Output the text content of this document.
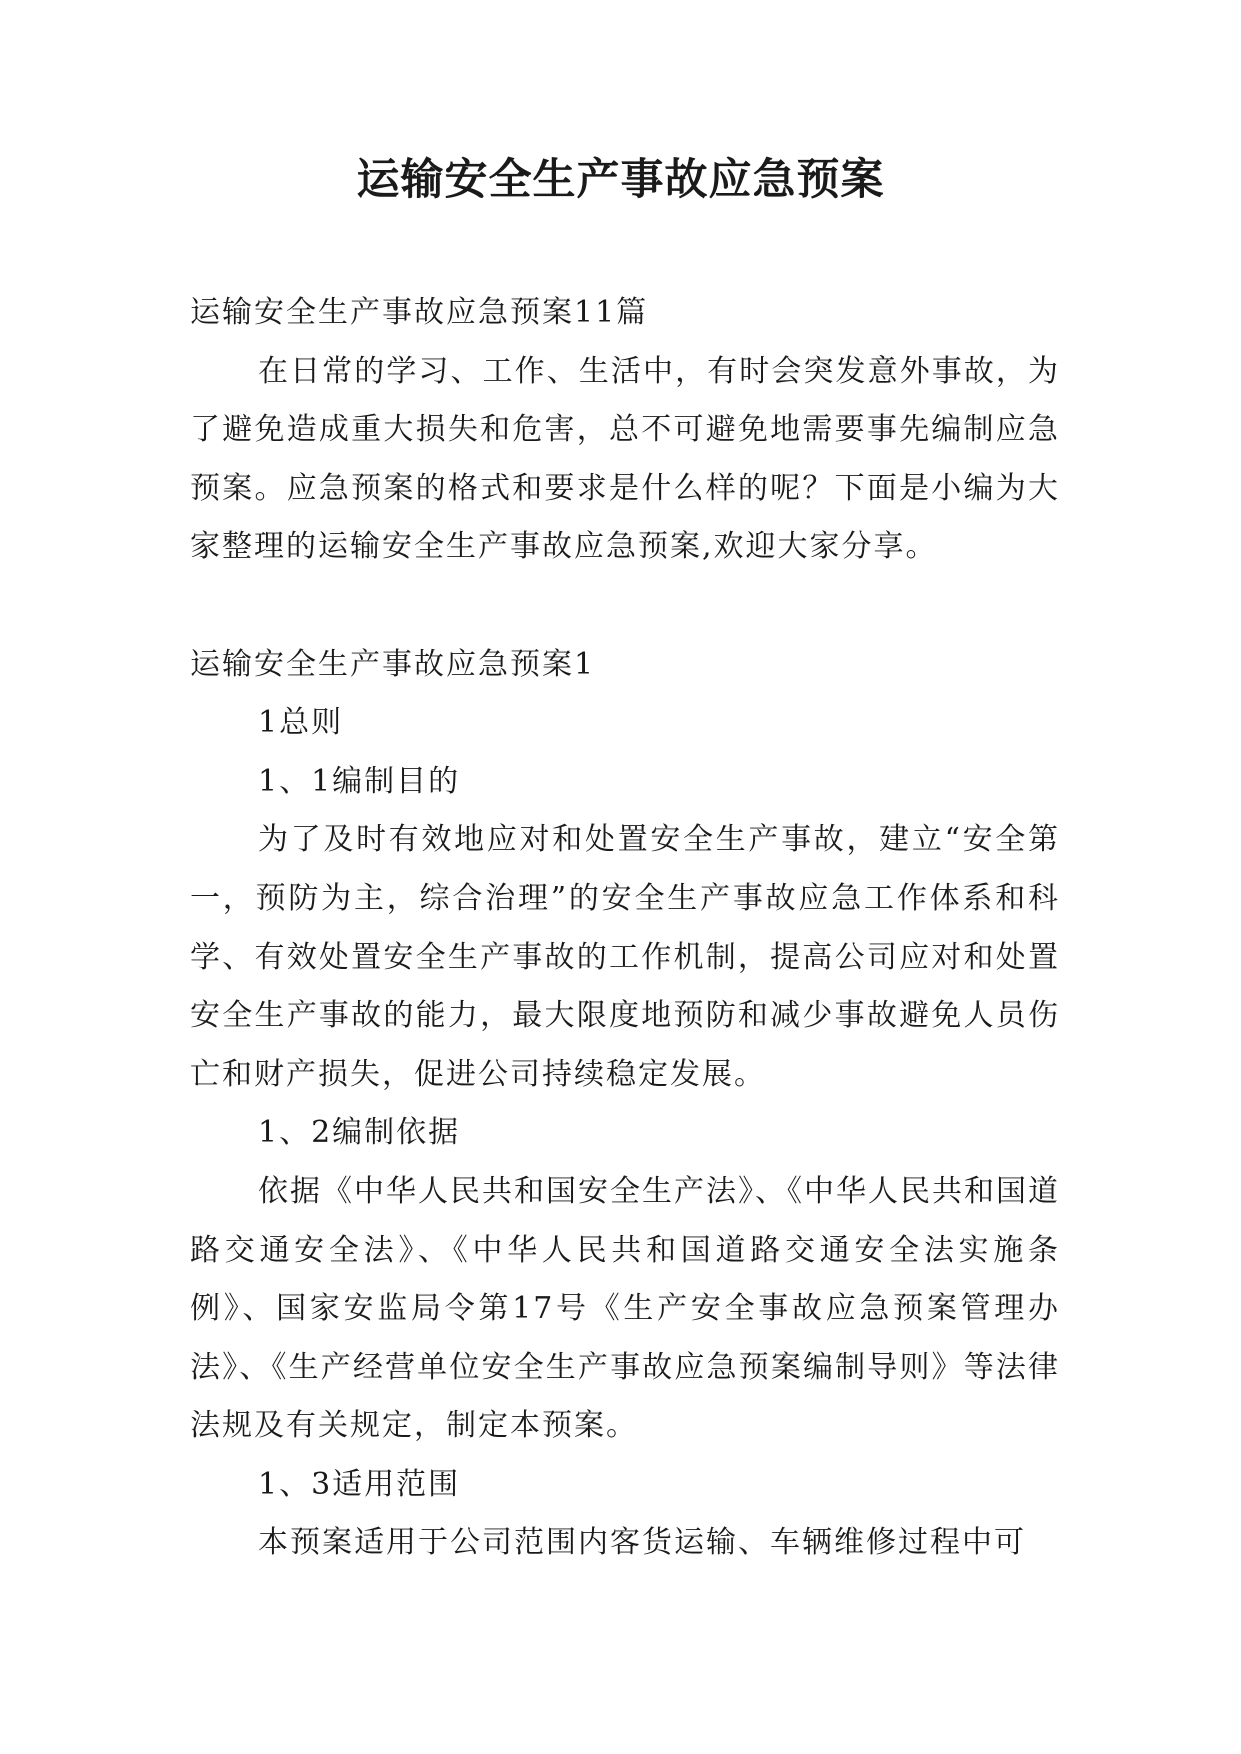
运输安全生产事故应急预案

运输安全生产事故应急预案11篇

在日常的学习、工作、生活中，有时会突发意外事故，为了避免造成重大损失和危害，总不可避免地需要事先编制应急预案。应急预案的格式和要求是什么样的呢？下面是小编为大家整理的运输安全生产事故应急预案,欢迎大家分享。

运输安全生产事故应急预案1

1总则

1、1编制目的

为了及时有效地应对和处置安全生产事故，建立“安全第一，预防为主，综合治理”的安全生产事故应急工作体系和科学、有效处置安全生产事故的工作机制，提高公司应对和处置安全生产事故的能力，最大限度地预防和减少事故避免人员伤亡和财产损失，促进公司持续稳定发展。

1、2编制依据

依据《中华人民共和国安全生产法》、《中华人民共和国道路交通安全法》、《中华人民共和国道路交通安全法实施条例》、国家安监局令第17号《生产安全事故应急预案管理办法》、《生产经营单位安全生产事故应急预案编制导则》等法律法规及有关规定，制定本预案。

1、3适用范围

本预案适用于公司范围内客货运输、车辆维修过程中可
